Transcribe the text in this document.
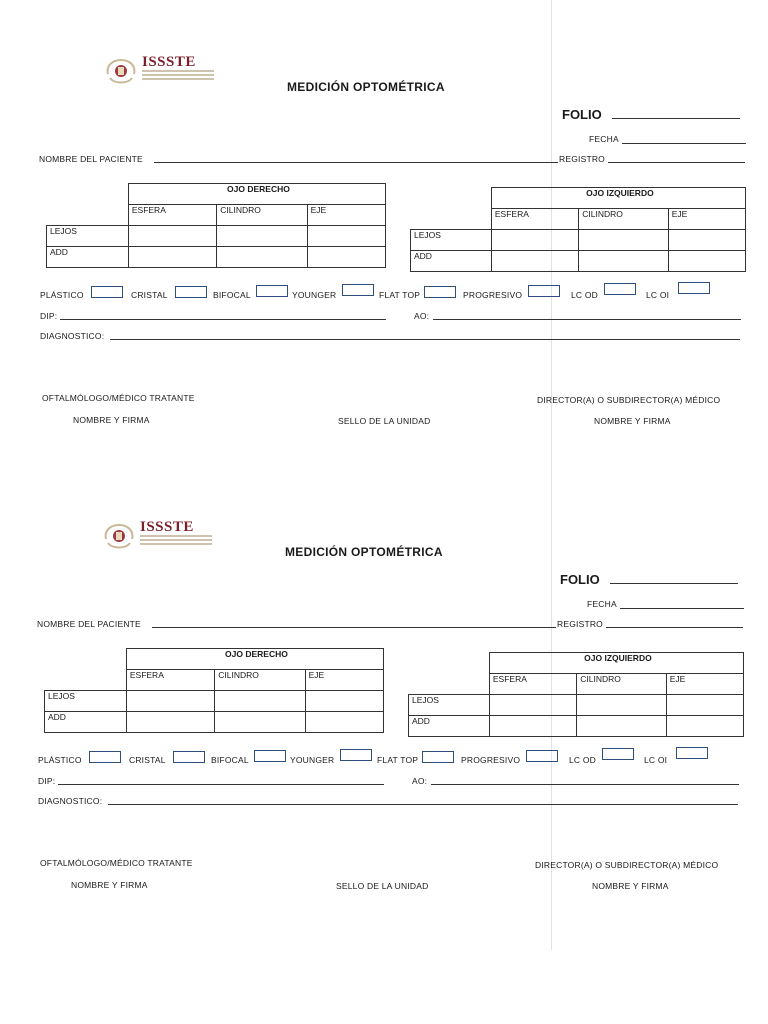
ISSSTE
MEDICIÓN OPTOMÉTRICA
FOLIO
FECHA
NOMBRE DEL PACIENTE	REGISTRO
	OJO DERECHO		
	ESFERA	CILINDRO	EJE
LEJOS			
ADD			
	OJO IZQUIERDO		
	ESFERA	CILINDRO	EJE
LEJOS			
ADD			
PLÁSTICO	CRISTAL	BIFOCAL	YOUNGER	FLAT TOP	PROGRESIVO	LC OD	LC OI
DIP:	AO:
DIAGNOSTICO:
OFTALMÓLOGO/MÉDICO TRATANTE	DIRECTOR(A) O SUBDIRECTOR(A) MÉDICO
NOMBRE Y FIRMA	SELLO DE LA UNIDAD	NOMBRE Y FIRMA
ISSSTE
MEDICIÓN OPTOMÉTRICA
FOLIO
FECHA
NOMBRE DEL PACIENTE	REGISTRO
	OJO DERECHO		
	ESFERA	CILINDRO	EJE
LEJOS			
ADD			
	OJO IZQUIERDO		
	ESFERA	CILINDRO	EJE
LEJOS			
ADD			
PLÁSTICO	CRISTAL	BIFOCAL	YOUNGER	FLAT TOP	PROGRESIVO	LC OD	LC OI
DIP:	AO:
DIAGNOSTICO:
OFTALMÓLOGO/MÉDICO TRATANTE	DIRECTOR(A) O SUBDIRECTOR(A) MÉDICO
NOMBRE Y FIRMA	SELLO DE LA UNIDAD	NOMBRE Y FIRMA
